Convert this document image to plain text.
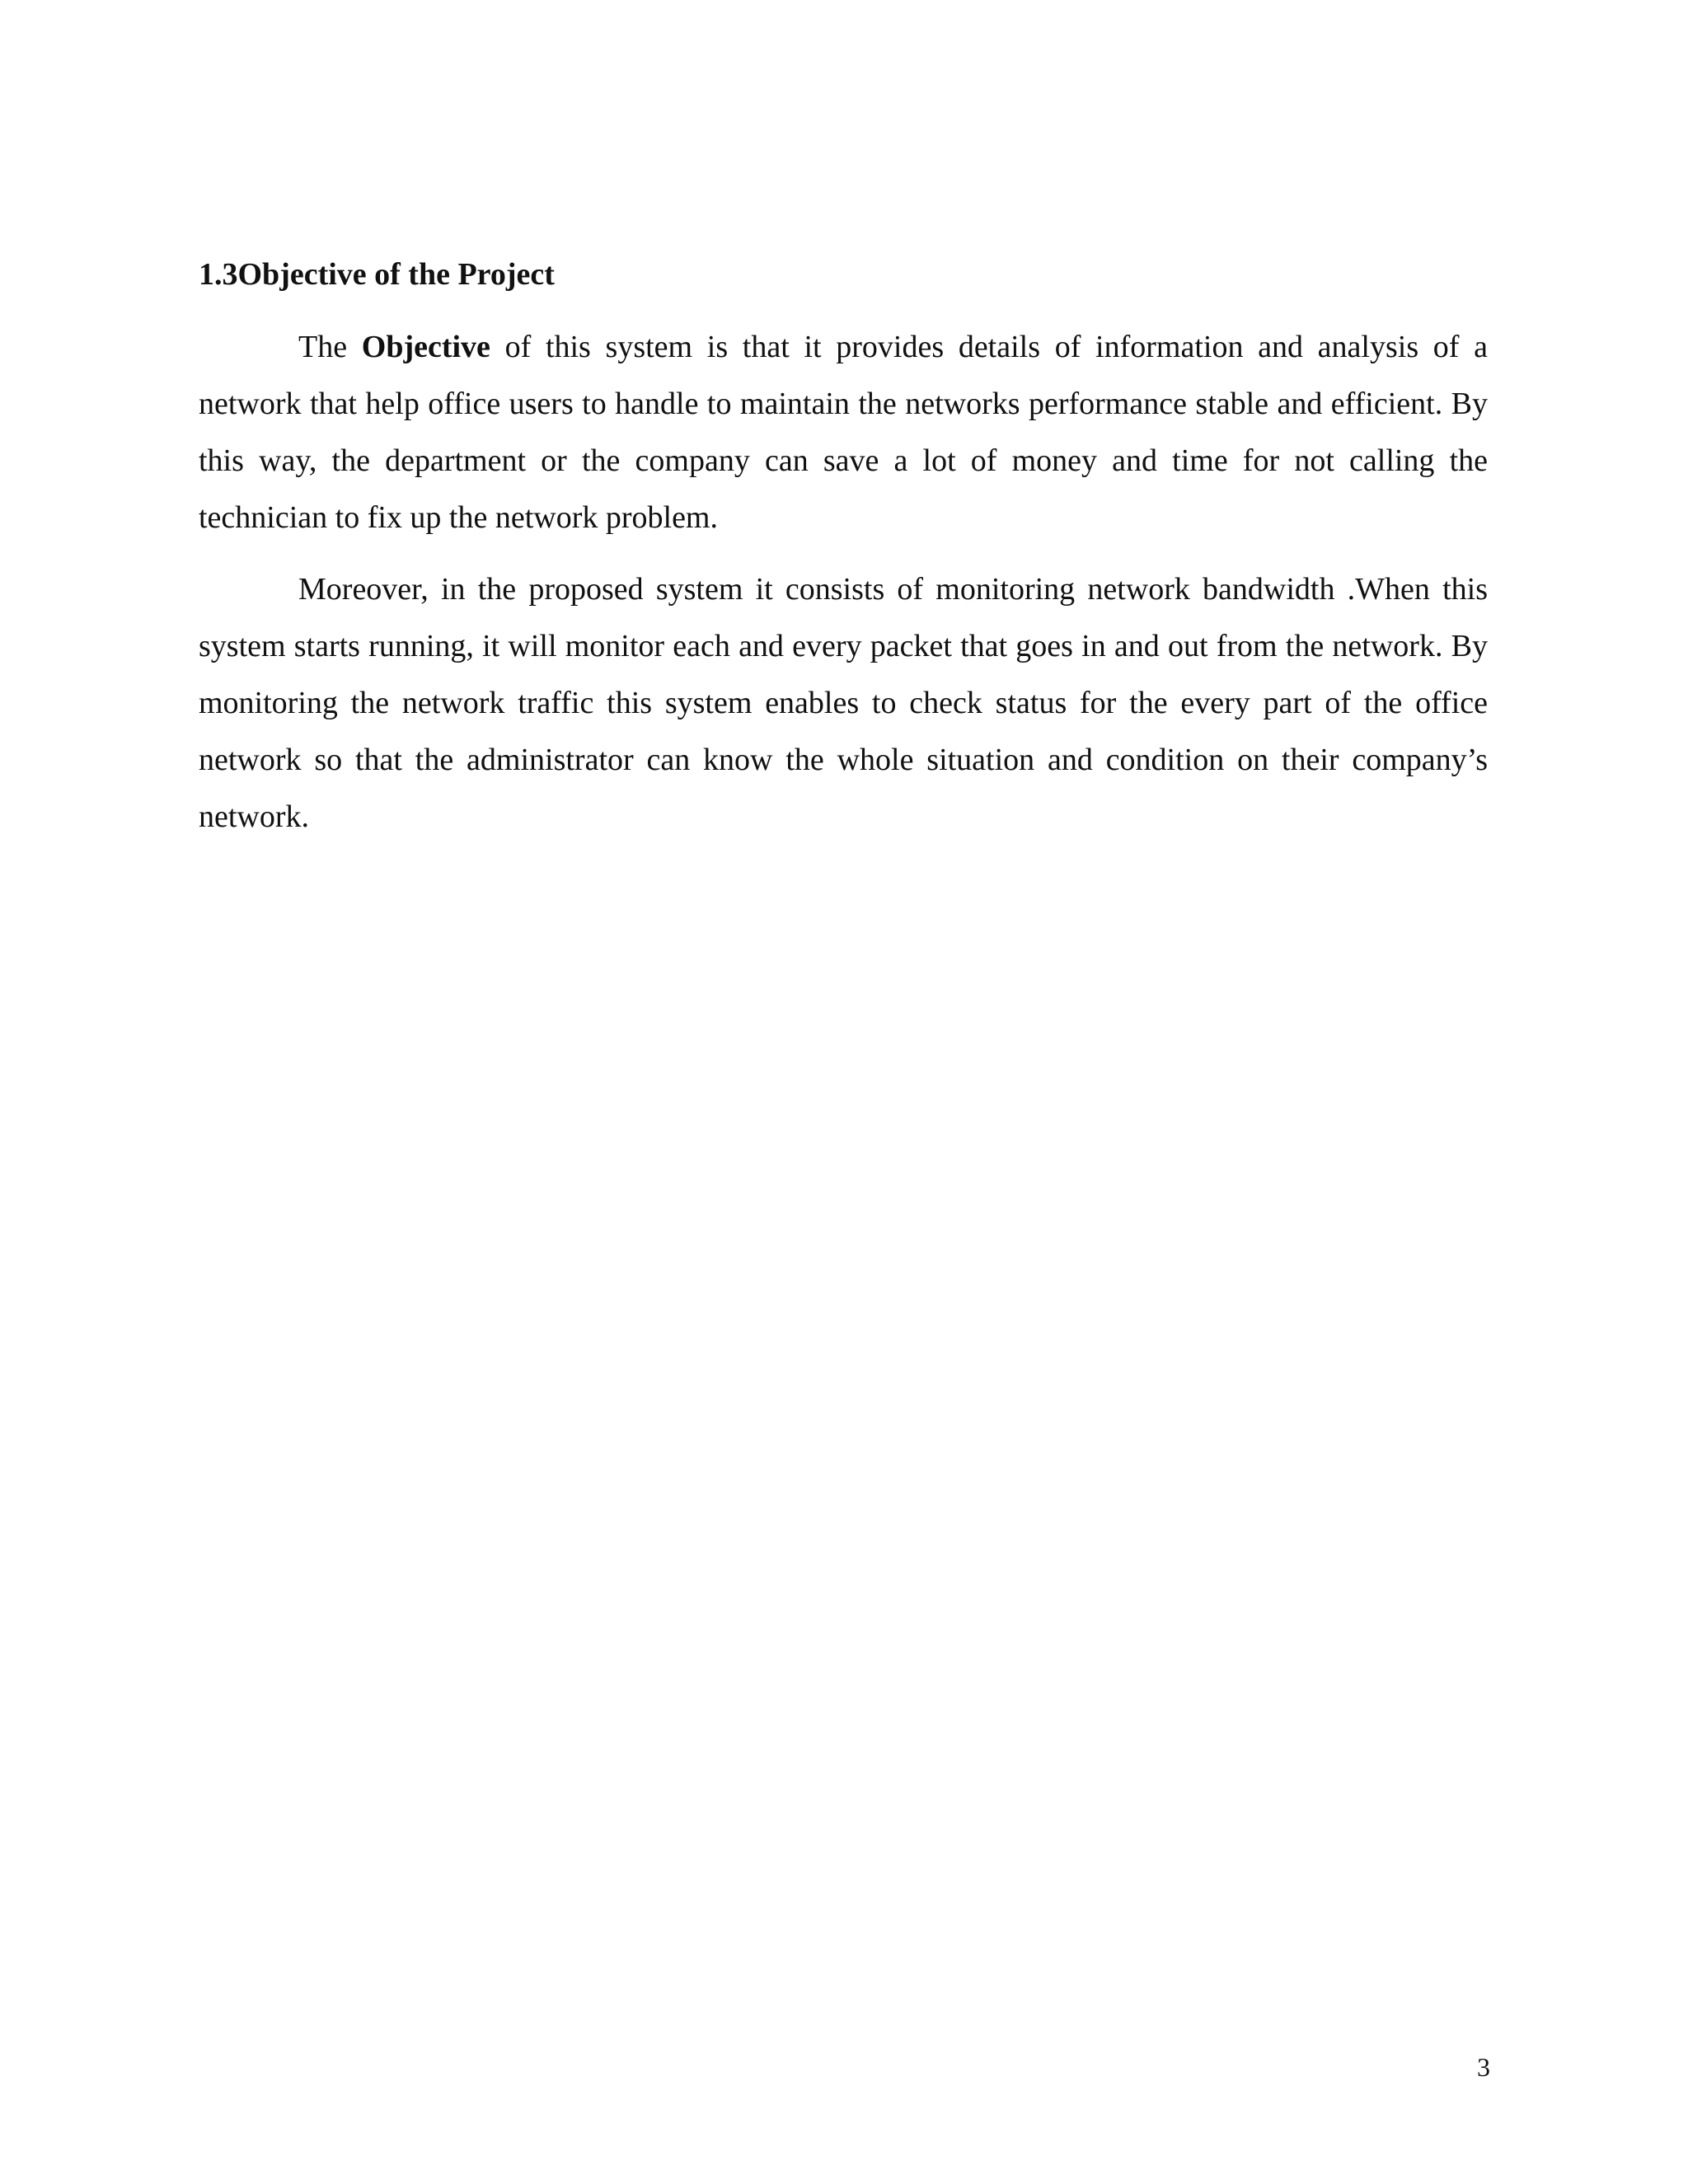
1.3Objective of the Project

The Objective of this system is that it provides details of information and analysis of a network that help office users to handle to maintain the networks performance stable and efficient. By this way, the department or the company can save a lot of money and time for not calling the technician to fix up the network problem.

Moreover, in the proposed system it consists of monitoring network bandwidth .When this system starts running, it will monitor each and every packet that goes in and out from the network. By monitoring the network traffic this system enables to check status for the every part of the office network so that the administrator can know the whole situation and condition on their company’s network.

3
